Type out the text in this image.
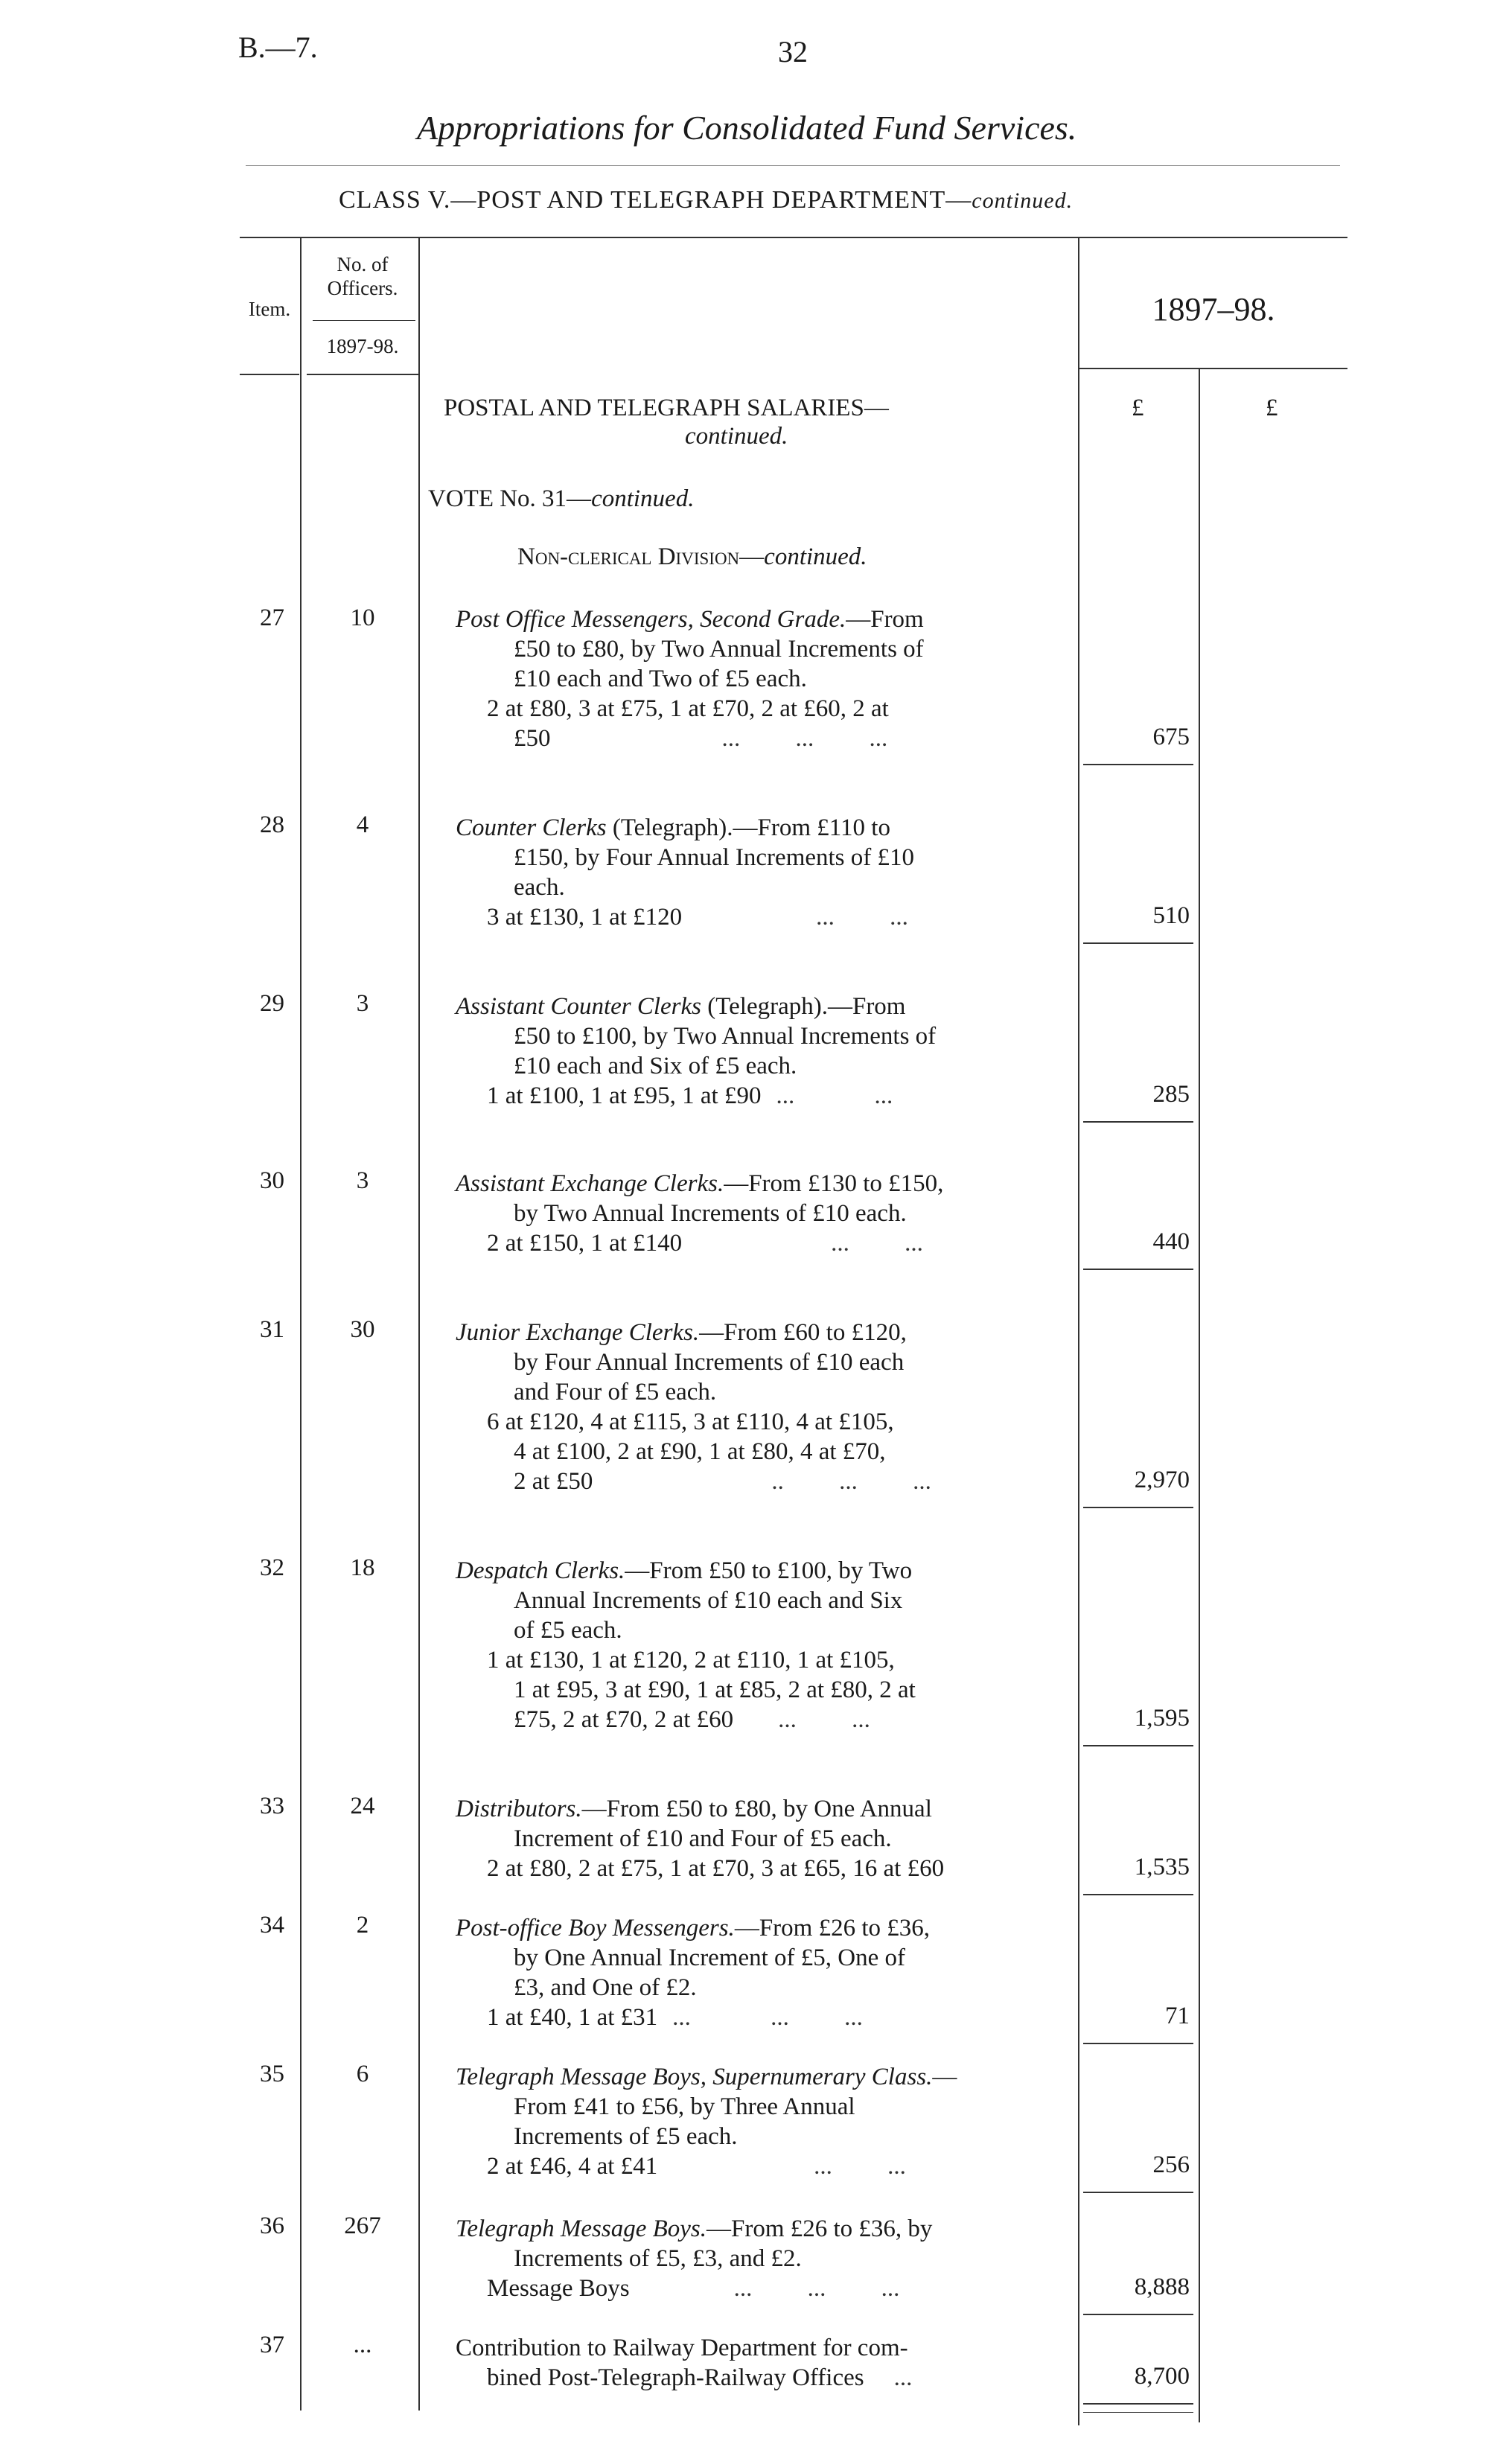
B.—7.	32
Appropriations for Consolidated Fund Services.
CLASS V.—POST AND TELEGRAPH DEPARTMENT—continued.
Item.
No. of
Officers.
1897-98.
1897–98.
£	£
POSTAL AND TELEGRAPH SALARIES—
continued.
VOTE No. 31—continued.
Non-clerical Division—continued.
27	10	Post Office Messengers, Second Grade.—From
£50 to £80, by Two Annual Increments of
£10 each and Two of £5 each.
2 at £80, 3 at £75, 1 at £70, 2 at £60, 2 at
£50	...         ...         ...	675
28	4	Counter Clerks (Telegraph).—From £110 to
£150, by Four Annual Increments of £10
each.
3 at £130, 1 at £120	...         ...	510
29	3	Assistant Counter Clerks (Telegraph).—From
£50 to £100, by Two Annual Increments of
£10 each and Six of £5 each.
1 at £100, 1 at £95, 1 at £90 ...             ...	285
30	3	Assistant Exchange Clerks.—From £130 to £150,
by Two Annual Increments of £10 each.
2 at £150, 1 at £140	...         ...	440
31	30	Junior Exchange Clerks.—From £60 to £120,
by Four Annual Increments of £10 each
and Four of £5 each.
6 at £120, 4 at £115, 3 at £110, 4 at £105,
4 at £100, 2 at £90, 1 at £80, 4 at £70,
2 at £50	..         ...         ...	2,970
32	18	Despatch Clerks.—From £50 to £100, by Two
Annual Increments of £10 each and Six
of £5 each.
1 at £130, 1 at £120, 2 at £110, 1 at £105,
1 at £95, 3 at £90, 1 at £85, 2 at £80, 2 at
£75, 2 at £70, 2 at £60 ...         ...	1,595
33	24	Distributors.—From £50 to £80, by One Annual
Increment of £10 and Four of £5 each.
2 at £80, 2 at £75, 1 at £70, 3 at £65, 16 at £60	1,535
34	2	Post-office Boy Messengers.—From £26 to £36,
by One Annual Increment of £5, One of
£3, and One of £2.
1 at £40, 1 at £31 ...             ...         ...	71
35	6	Telegraph Message Boys, Supernumerary Class.—
From £41 to £56, by Three Annual
Increments of £5 each.
2 at £46, 4 at £41	...         ...	256
36	267	Telegraph Message Boys.—From £26 to £36, by
Increments of £5, £3, and £2.
Message Boys	...         ...         ...	8,888
37	...	Contribution to Railway Department for com-
bined Post-Telegraph-Railway Offices ...	8,700
